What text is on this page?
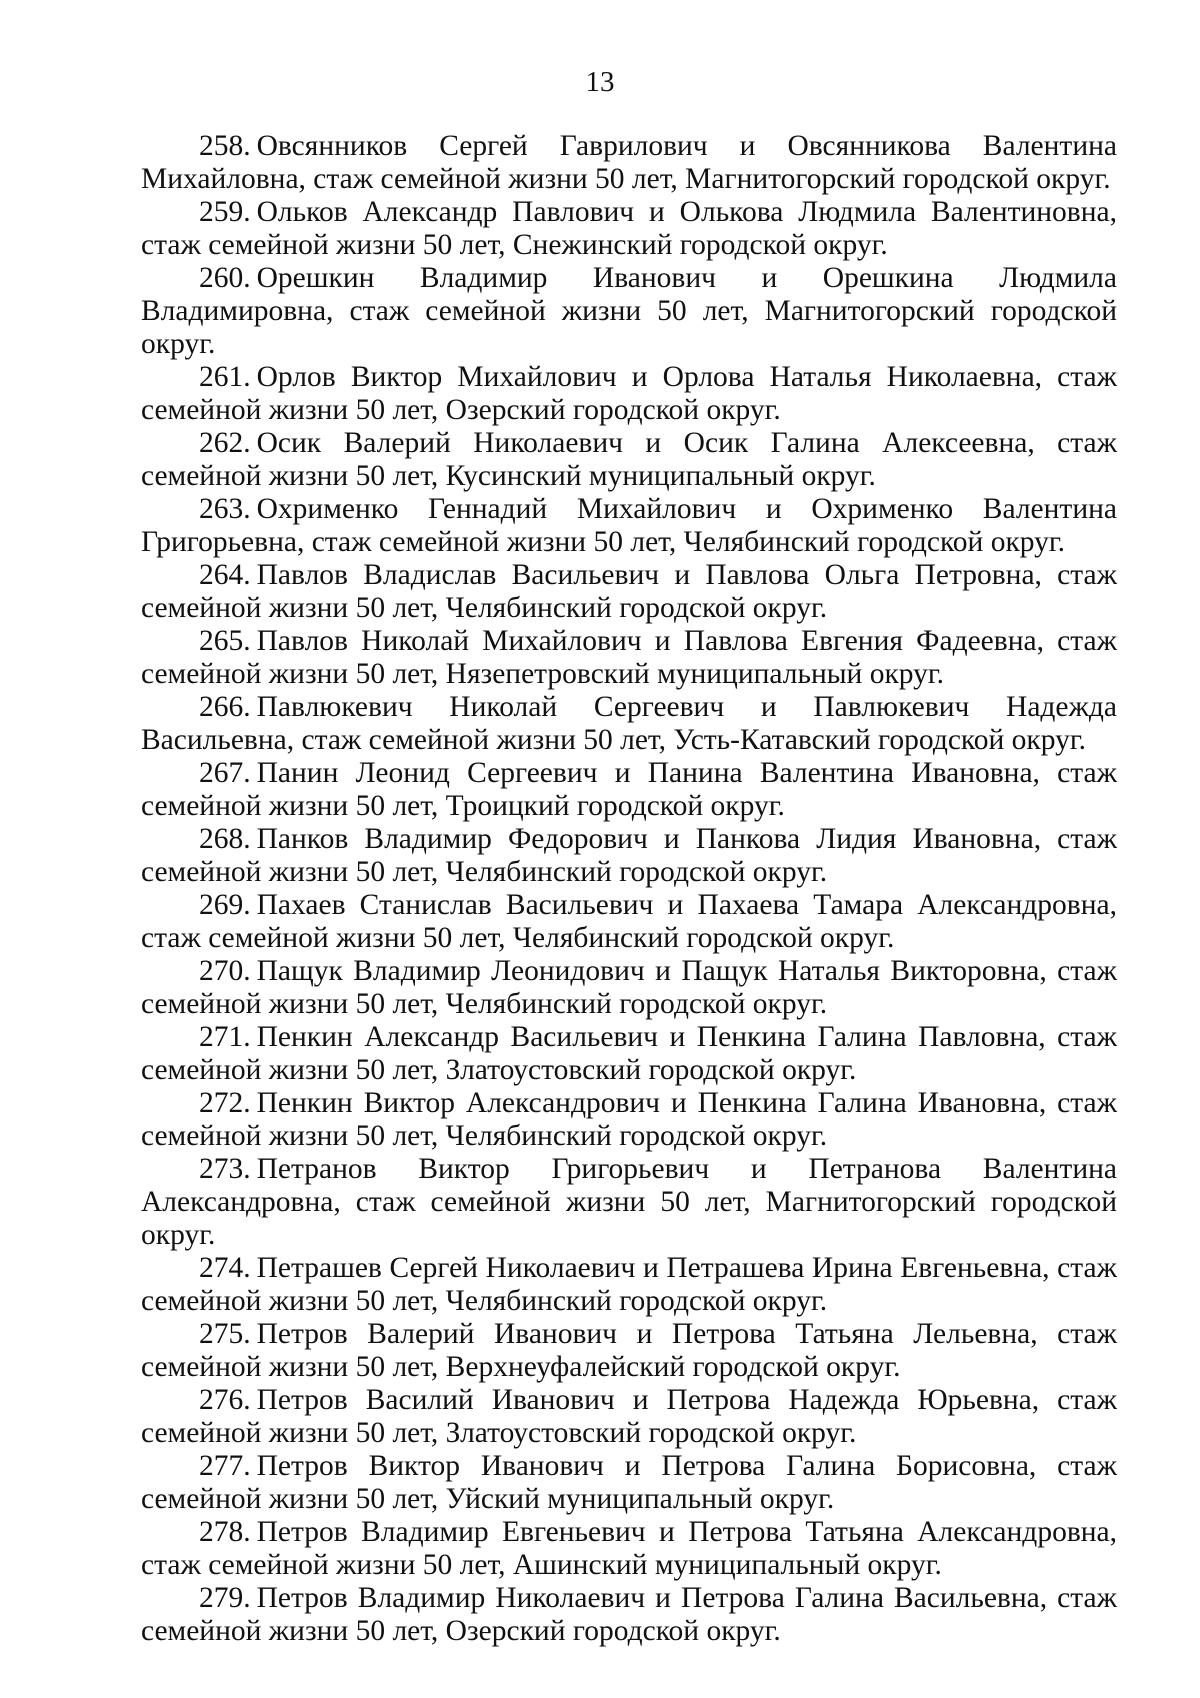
13
258. Овсянников Сергей Гаврилович и Овсянникова Валентина Михайловна, стаж семейной жизни 50 лет, Магнитогорский городской округ.
259. Ольков Александр Павлович и Олькова Людмила Валентиновна, стаж семейной жизни 50 лет, Снежинский городской округ.
260. Орешкин Владимир Иванович и Орешкина Людмила Владимировна, стаж семейной жизни 50 лет, Магнитогорский городской округ.
261. Орлов Виктор Михайлович и Орлова Наталья Николаевна, стаж семейной жизни 50 лет, Озерский городской округ.
262. Осик Валерий Николаевич и Осик Галина Алексеевна, стаж семейной жизни 50 лет, Кусинский муниципальный округ.
263. Охрименко Геннадий Михайлович и Охрименко Валентина Григорьевна, стаж семейной жизни 50 лет, Челябинский городской округ.
264. Павлов Владислав Васильевич и Павлова Ольга Петровна, стаж семейной жизни 50 лет, Челябинский городской округ.
265. Павлов Николай Михайлович и Павлова Евгения Фадеевна, стаж семейной жизни 50 лет, Нязепетровский муниципальный округ.
266. Павлюкевич Николай Сергеевич и Павлюкевич Надежда Васильевна, стаж семейной жизни 50 лет, Усть-Катавский городской округ.
267. Панин Леонид Сергеевич и Панина Валентина Ивановна, стаж семейной жизни 50 лет, Троицкий городской округ.
268. Панков Владимир Федорович и Панкова Лидия Ивановна, стаж семейной жизни 50 лет, Челябинский городской округ.
269. Пахаев Станислав Васильевич и Пахаева Тамара Александровна, стаж семейной жизни 50 лет, Челябинский городской округ.
270. Пащук Владимир Леонидович и Пащук Наталья Викторовна, стаж семейной жизни 50 лет, Челябинский городской округ.
271. Пенкин Александр Васильевич и Пенкина Галина Павловна, стаж семейной жизни 50 лет, Златоустовский городской округ.
272. Пенкин Виктор Александрович и Пенкина Галина Ивановна, стаж семейной жизни 50 лет, Челябинский городской округ.
273. Петранов Виктор Григорьевич и Петранова Валентина Александровна, стаж семейной жизни 50 лет, Магнитогорский городской округ.
274. Петрашев Сергей Николаевич и Петрашева Ирина Евгеньевна, стаж семейной жизни 50 лет, Челябинский городской округ.
275. Петров Валерий Иванович и Петрова Татьяна Лельевна, стаж семейной жизни 50 лет, Верхнеуфалейский городской округ.
276. Петров Василий Иванович и Петрова Надежда Юрьевна, стаж семейной жизни 50 лет, Златоустовский городской округ.
277. Петров Виктор Иванович и Петрова Галина Борисовна, стаж семейной жизни 50 лет, Уйский муниципальный округ.
278. Петров Владимир Евгеньевич и Петрова Татьяна Александровна, стаж семейной жизни 50 лет, Ашинский муниципальный округ.
279. Петров Владимир Николаевич и Петрова Галина Васильевна, стаж семейной жизни 50 лет, Озерский городской округ.
